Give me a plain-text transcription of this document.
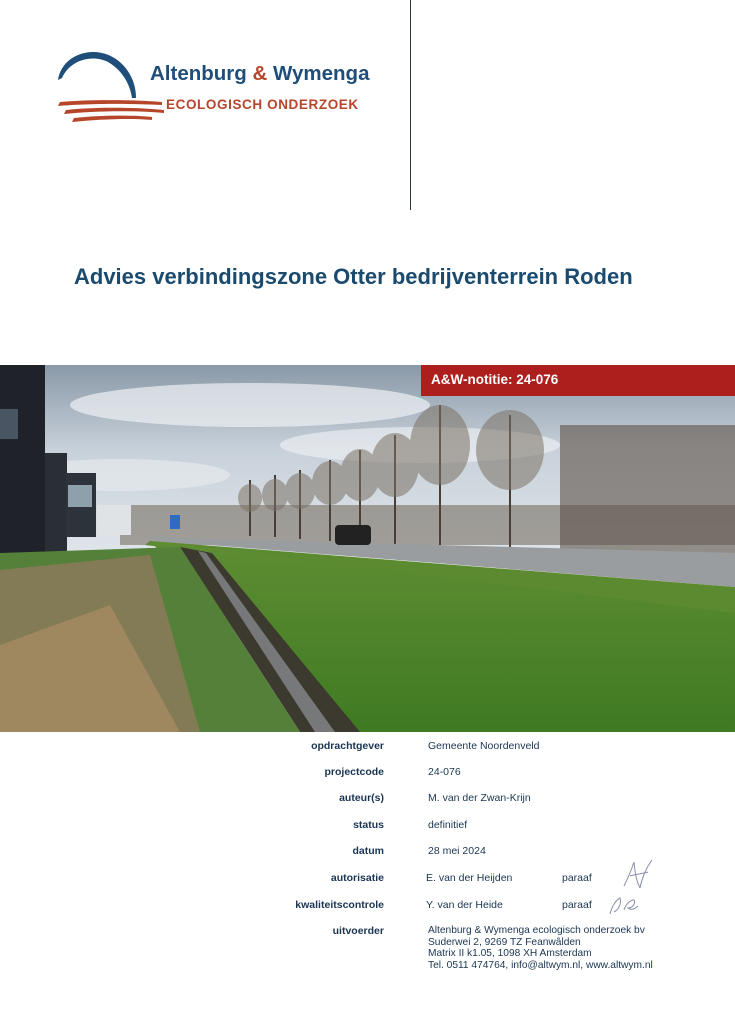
Altenburg & Wymenga
ECOLOGISCH ONDERZOEK
Advies verbindingszone Otter bedrijventerrein Roden
A&W-notitie: 24-076
opdrachtgever	Gemeente Noordenveld
projectcode	24-076
auteur(s)	M. van der Zwan-Krijn
status	definitief
datum	28 mei 2024
autorisatie	E. van der Heijden	paraaf
kwaliteitscontrole	Y. van der Heide	paraaf
uitvoerder	Altenburg & Wymenga ecologisch onderzoek bv
Suderwei 2, 9269 TZ Feanwâlden
Matrix II k1.05, 1098 XH Amsterdam
Tel. 0511 474764, info@altwym.nl, www.altwym.nl
